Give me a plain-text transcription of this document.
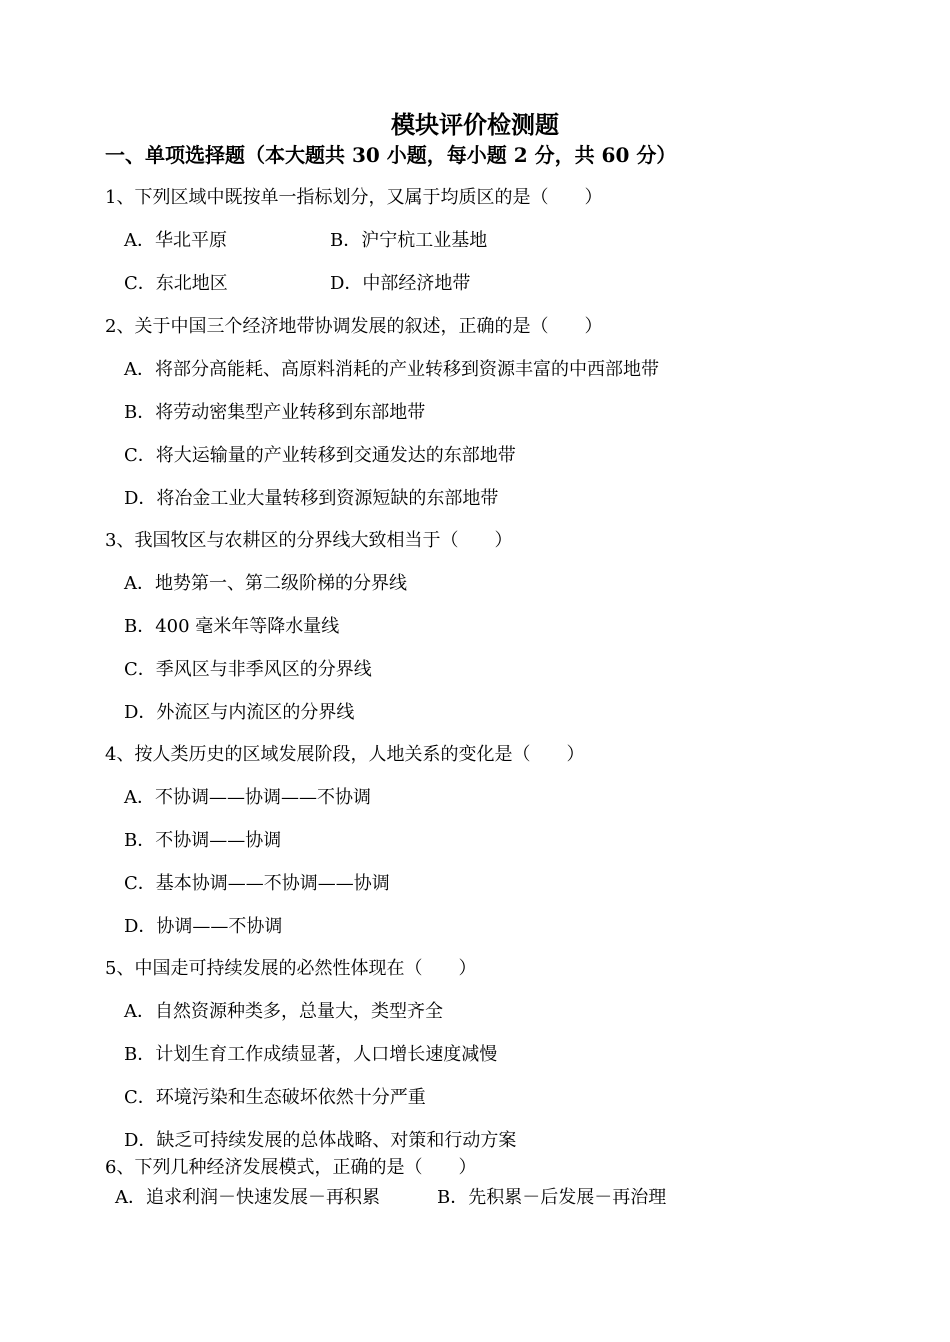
模块评价检测题
一、单项选择题（本大题共 30 小题，每小题 2 分，共 60 分）
1、下列区域中既按单一指标划分，又属于均质区的是（　　）
A．华北平原	B．沪宁杭工业基地
C．东北地区	D．中部经济地带
2、关于中国三个经济地带协调发展的叙述，正确的是（　　）
A．将部分高能耗、高原料消耗的产业转移到资源丰富的中西部地带
B．将劳动密集型产业转移到东部地带
C．将大运输量的产业转移到交通发达的东部地带
D．将冶金工业大量转移到资源短缺的东部地带
3、我国牧区与农耕区的分界线大致相当于（　　）
A．地势第一、第二级阶梯的分界线
B．400 毫米年等降水量线
C．季风区与非季风区的分界线
D．外流区与内流区的分界线
4、按人类历史的区域发展阶段，人地关系的变化是（　　）
A．不协调——协调——不协调
B．不协调——协调
C．基本协调——不协调——协调
D．协调——不协调
5、中国走可持续发展的必然性体现在（　　）
A．自然资源种类多，总量大，类型齐全
B．计划生育工作成绩显著，人口增长速度减慢
C．环境污染和生态破坏依然十分严重
D．缺乏可持续发展的总体战略、对策和行动方案
6、下列几种经济发展模式，正确的是（　　）
A．追求利润－快速发展－再积累	B．先积累－后发展－再治理
